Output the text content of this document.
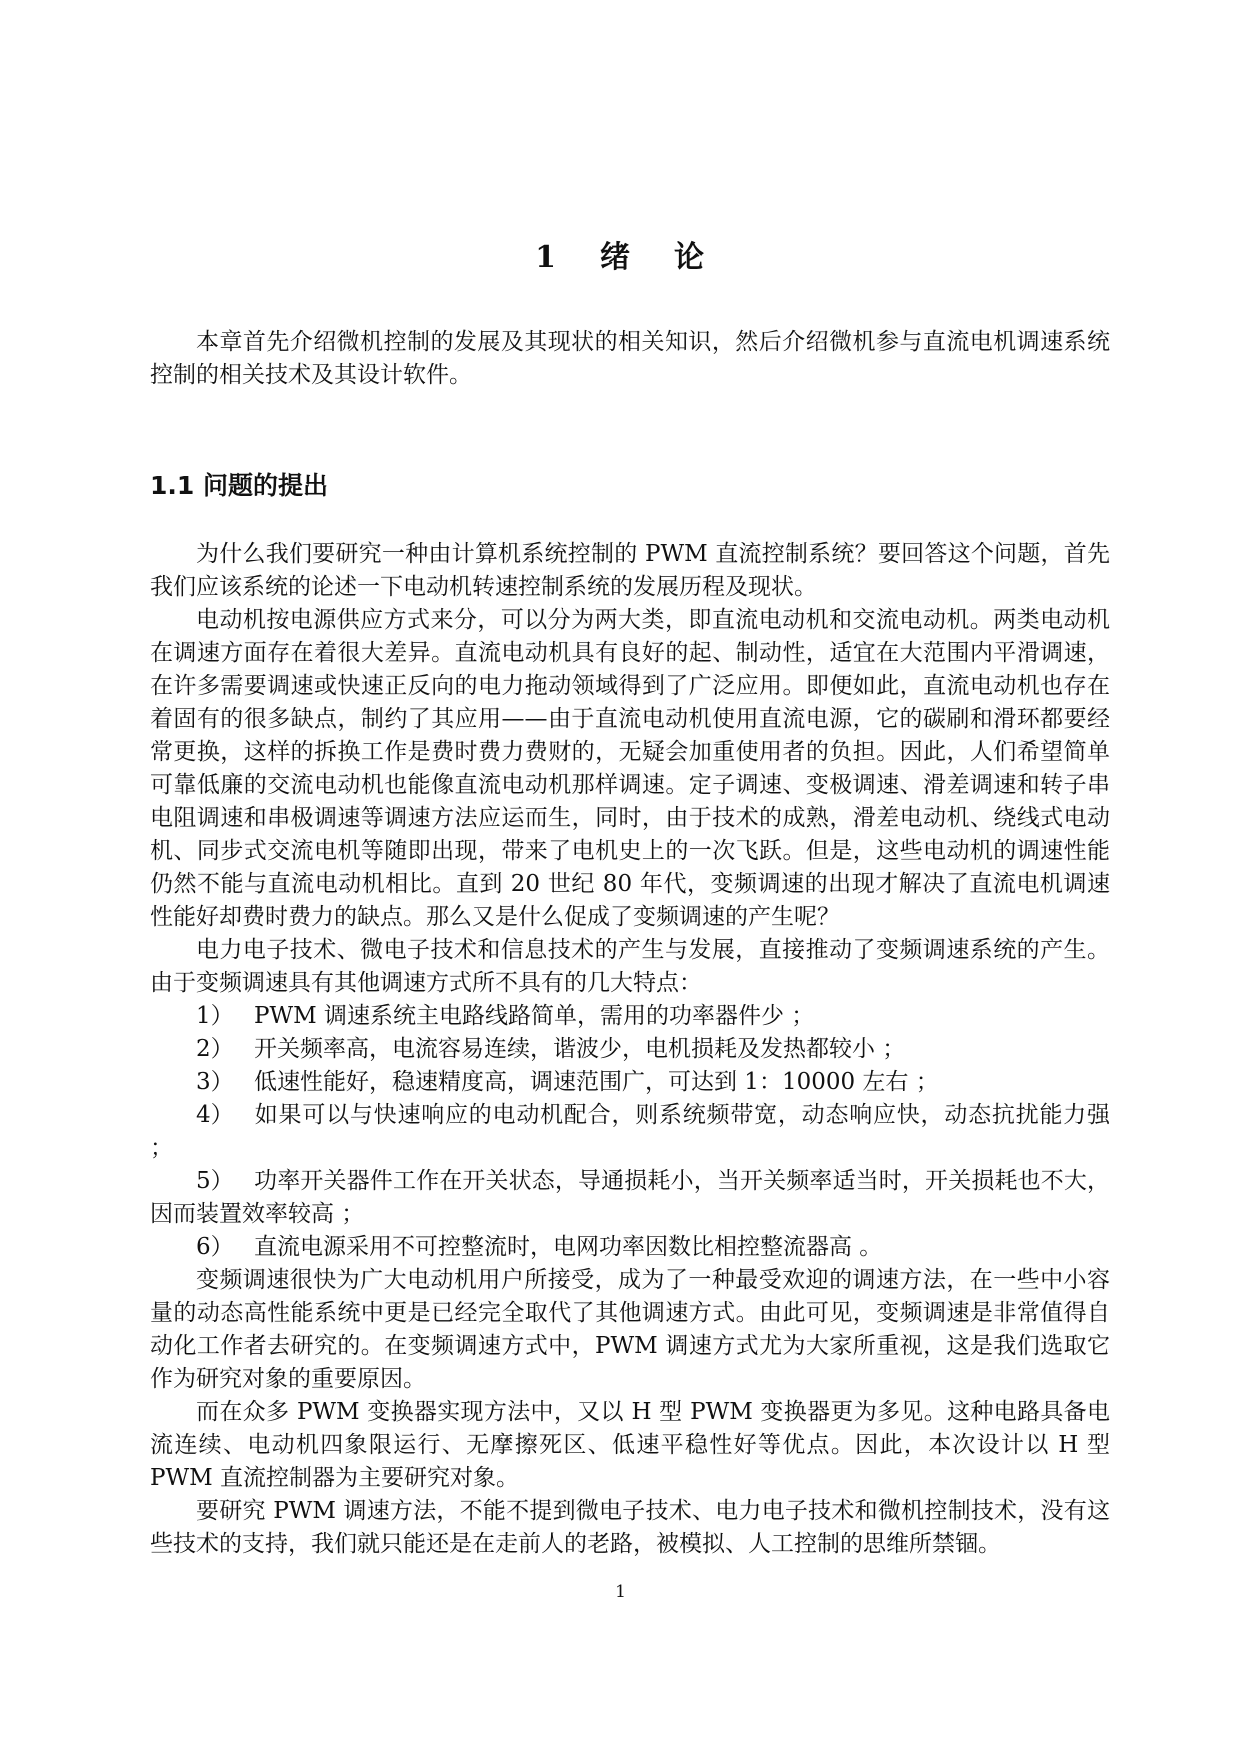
1 绪 论

本章首先介绍微机控制的发展及其现状的相关知识，然后介绍微机参与直流电机调速系统控制的相关技术及其设计软件。

1.1 问题的提出

为什么我们要研究一种由计算机系统控制的 PWM 直流控制系统？要回答这个问题，首先我们应该系统的论述一下电动机转速控制系统的发展历程及现状。

电动机按电源供应方式来分，可以分为两大类，即直流电动机和交流电动机。两类电动机在调速方面存在着很大差异。直流电动机具有良好的起、制动性，适宜在大范围内平滑调速，在许多需要调速或快速正反向的电力拖动领域得到了广泛应用。即便如此，直流电动机也存在着固有的很多缺点，制约了其应用——由于直流电动机使用直流电源，它的碳刷和滑环都要经常更换，这样的拆换工作是费时费力费财的，无疑会加重使用者的负担。因此，人们希望简单可靠低廉的交流电动机也能像直流电动机那样调速。定子调速、变极调速、滑差调速和转子串电阻调速和串极调速等调速方法应运而生，同时，由于技术的成熟，滑差电动机、绕线式电动机、同步式交流电机等随即出现，带来了电机史上的一次飞跃。但是，这些电动机的调速性能仍然不能与直流电动机相比。直到 20 世纪 80 年代，变频调速的出现才解决了直流电机调速性能好却费时费力的缺点。那么又是什么促成了变频调速的产生呢？

电力电子技术、微电子技术和信息技术的产生与发展，直接推动了变频调速系统的产生。由于变频调速具有其他调速方式所不具有的几大特点：

1） PWM 调速系统主电路线路简单，需用的功率器件少 ；

2） 开关频率高，电流容易连续，谐波少，电机损耗及发热都较小 ；

3） 低速性能好，稳速精度高，调速范围广，可达到 1：10000 左右 ；

4） 如果可以与快速响应的电动机配合，则系统频带宽，动态响应快，动态抗扰能力强 ；

5） 功率开关器件工作在开关状态，导通损耗小，当开关频率适当时，开关损耗也不大，因而装置效率较高 ；

6） 直流电源采用不可控整流时，电网功率因数比相控整流器高 。

变频调速很快为广大电动机用户所接受，成为了一种最受欢迎的调速方法，在一些中小容量的动态高性能系统中更是已经完全取代了其他调速方式。由此可见，变频调速是非常值得自动化工作者去研究的。在变频调速方式中，PWM 调速方式尤为大家所重视，这是我们选取它作为研究对象的重要原因。

而在众多 PWM 变换器实现方法中，又以 H 型 PWM 变换器更为多见。这种电路具备电流连续、电动机四象限运行、无摩擦死区、低速平稳性好等优点。因此，本次设计以 H 型 PWM 直流控制器为主要研究对象。

要研究 PWM 调速方法，不能不提到微电子技术、电力电子技术和微机控制技术，没有这些技术的支持，我们就只能还是在走前人的老路，被模拟、人工控制的思维所禁锢。

1
